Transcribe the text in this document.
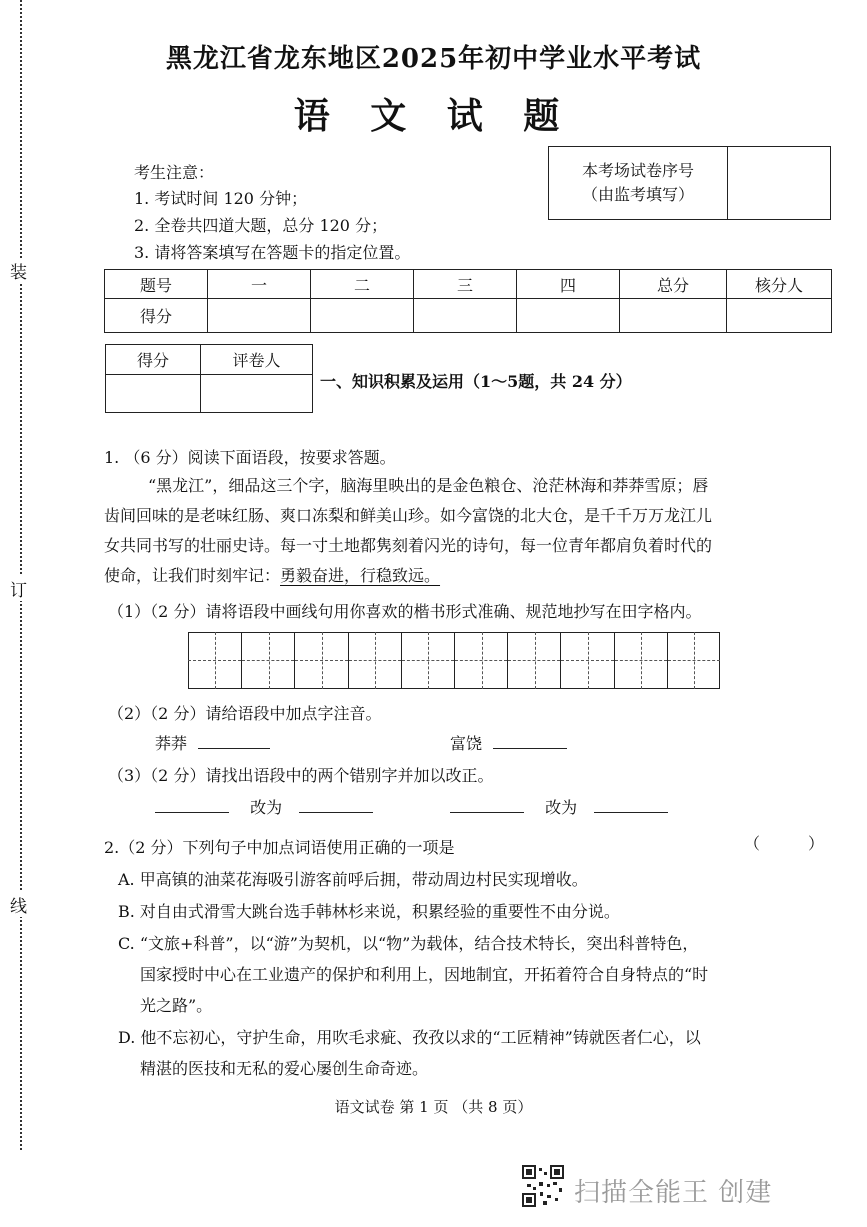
装
订
线
黑龙江省龙东地区2025年初中学业水平考试
语 文 试 题
考生注意：
1. 考试时间 120 分钟；
2. 全卷共四道大题，总分 120 分；
3. 请将答案填写在答题卡的指定位置。
本考场试卷序号
（由监考填写）

题号	一	二	三	四	总分	核分人
得分						
得分	评卷人

一、知识积累及运用（1～5题，共 24 分）
1. （6 分）阅读下面语段，按要求答题。
“黑龙江”，细品这三个字，脑海里映出的是金色粮仓、沧茫林海和莽莽雪原；唇
齿间回味的是老味红肠、爽口冻梨和鲜美山珍。如今富饶的北大仓，是千千万万龙江儿
女共同书写的壮丽史诗。每一寸土地都隽刻着闪光的诗句，每一位青年都肩负着时代的
使命，让我们时刻牢记：勇毅奋进，行稳致远。
（1）（2 分）请将语段中画线句用你喜欢的楷书形式准确、规范地抄写在田字格内。
（2）（2 分）请给语段中加点字注音。
莽莽	富饶
（3）（2 分）请找出语段中的两个错别字并加以改正。
改为	改为
2.（2 分）下列句子中加点词语使用正确的一项是	（　　　）
A. 甲高镇的油菜花海吸引游客前呼后拥，带动周边村民实现增收。
B. 对自由式滑雪大跳台选手韩林杉来说，积累经验的重要性不由分说。
C. “文旅+科普”，以“游”为契机，以“物”为载体，结合技术特长，突出科普特色，
国家授时中心在工业遗产的保护和利用上，因地制宜，开拓着符合自身特点的“时
光之路”。
D. 他不忘初心，守护生命，用吹毛求疵、孜孜以求的“工匠精神”铸就医者仁心，以
精湛的医技和无私的爱心屡创生命奇迹。
语文试卷 第 1 页 （共 8 页）
扫描全能王 创建
